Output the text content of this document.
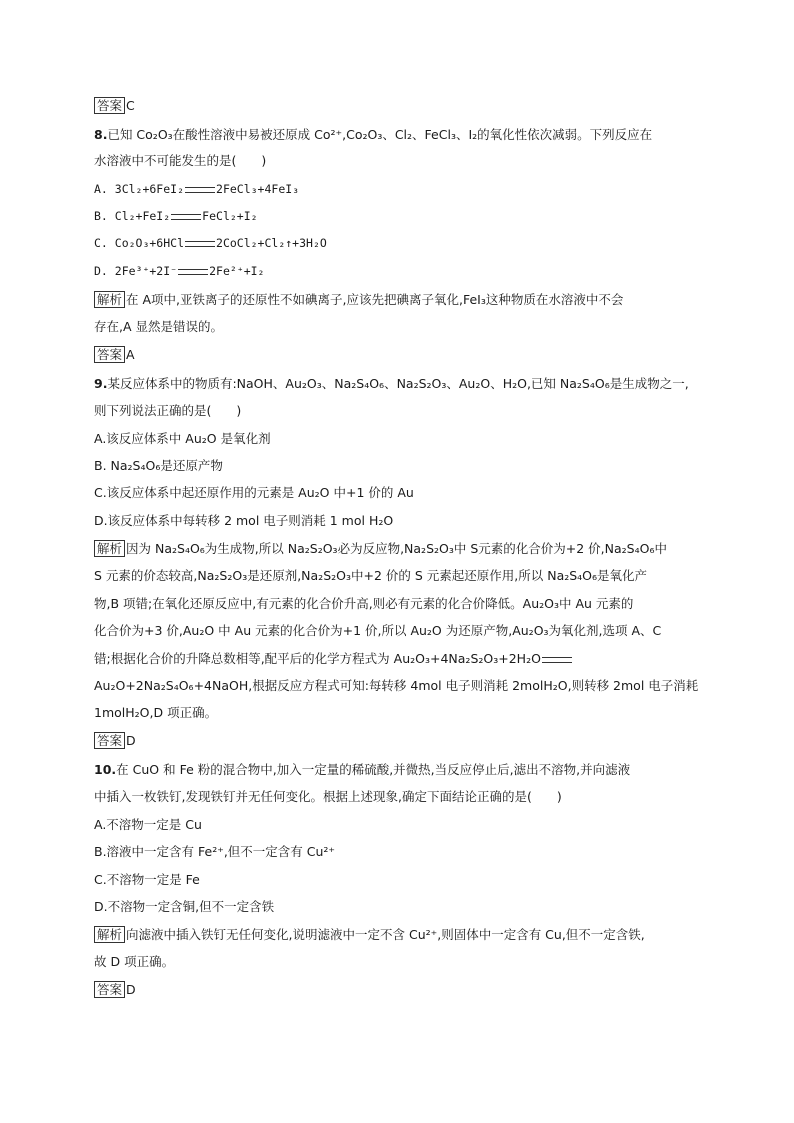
答案 C
8.已知 Co₂O₃在酸性溶液中易被还原成 Co²⁺,Co₂O₃、Cl₂、FeCl₃、I₂的氧化性依次减弱。下列反应在
水溶液中不可能发生的是(　　)
A. 3Cl₂+6FeI₂	2FeCl₃+4FeI₃
B. Cl₂+FeI₂	FeCl₂+I₂
C. Co₂O₃+6HCl	2CoCl₂+Cl₂↑+3H₂O
D. 2Fe³⁺+2I⁻	2Fe²⁺+I₂
解析 在 A项中,亚铁离子的还原性不如碘离子,应该先把碘离子氧化,FeI₃这种物质在水溶液中不会
存在,A 显然是错误的。
答案 A
9.某反应体系中的物质有:NaOH、Au₂O₃、Na₂S₄O₆、Na₂S₂O₃、Au₂O、H₂O,已知 Na₂S₄O₆是生成物之一,
则下列说法正确的是(　　)
A.该反应体系中 Au₂O 是氧化剂
B. Na₂S₄O₆是还原产物
C.该反应体系中起还原作用的元素是 Au₂O 中+1 价的 Au
D.该反应体系中每转移 2 mol 电子则消耗 1 mol H₂O
解析 因为 Na₂S₄O₆为生成物,所以 Na₂S₂O₃必为反应物,Na₂S₂O₃中 S元素的化合价为+2 价,Na₂S₄O₆中
S 元素的价态较高,Na₂S₂O₃是还原剂,Na₂S₂O₃中+2 价的 S 元素起还原作用,所以 Na₂S₄O₆是氧化产
物,B 项错;在氧化还原反应中,有元素的化合价升高,则必有元素的化合价降低。Au₂O₃中 Au 元素的
化合价为+3 价,Au₂O 中 Au 元素的化合价为+1 价,所以 Au₂O 为还原产物,Au₂O₃为氧化剂,选项 A、C
错;根据化合价的升降总数相等,配平后的化学方程式为 Au₂O₃+4Na₂S₂O₃+2H₂O
Au₂O+2Na₂S₄O₆+4NaOH,根据反应方程式可知:每转移 4mol 电子则消耗 2molH₂O,则转移 2mol 电子消耗
1molH₂O,D 项正确。
答案 D
10.在 CuO 和 Fe 粉的混合物中,加入一定量的稀硫酸,并微热,当反应停止后,滤出不溶物,并向滤液
中插入一枚铁钉,发现铁钉并无任何变化。根据上述现象,确定下面结论正确的是(　　)
A.不溶物一定是 Cu
B.溶液中一定含有 Fe²⁺,但不一定含有 Cu²⁺
C.不溶物一定是 Fe
D.不溶物一定含铜,但不一定含铁
解析 向滤液中插入铁钉无任何变化,说明滤液中一定不含 Cu²⁺,则固体中一定含有 Cu,但不一定含铁,
故 D 项正确。
答案 D
